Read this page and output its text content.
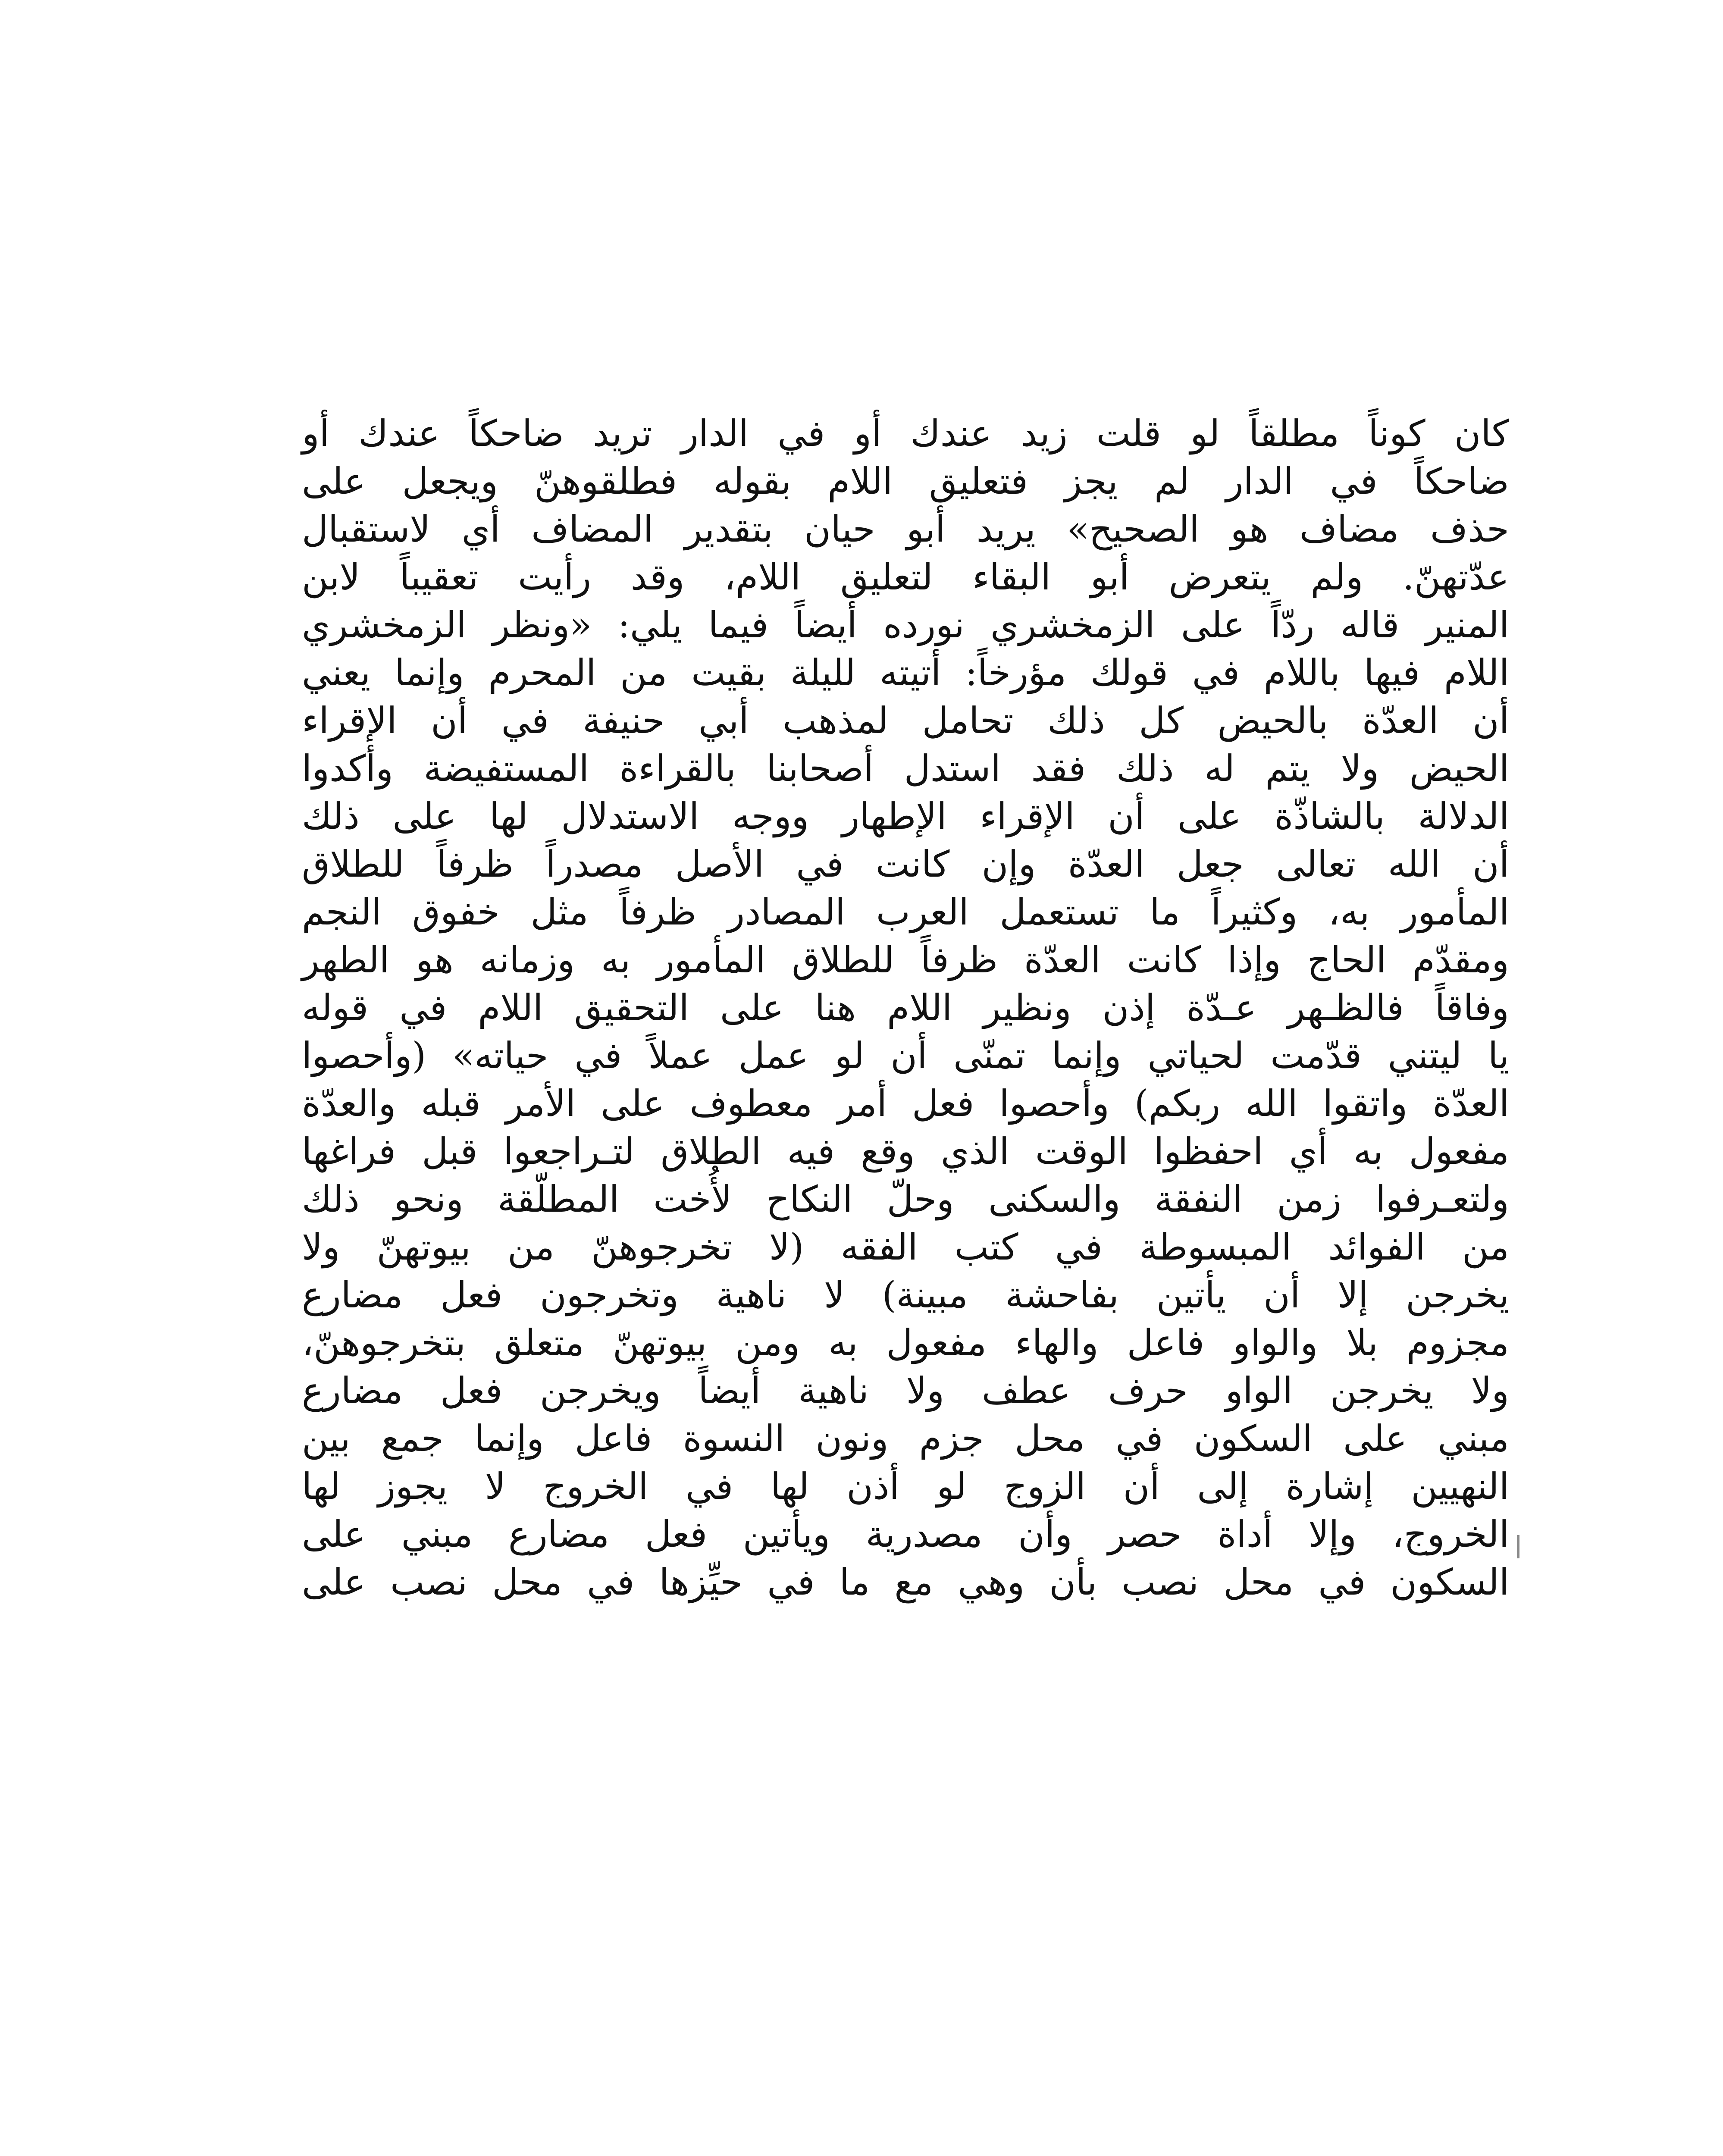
كان كوناً مطلقاً لو قلت زيد عندك أو في الدار تريد ضاحكاً عندك أو
ضاحكاً في الدار لم يجز فتعليق اللام بقوله فطلقوهنّ ويجعل على
حذف مضاف هو الصحيح» يريد أبو حيان بتقدير المضاف أي لاستقبال
عدّتهنّ. ولم يتعرض أبو البقاء لتعليق اللام، وقد رأيت تعقيباً لابن
المنير قاله ردّاً على الزمخشري نورده أيضاً فيما يلي: «ونظر الزمخشري
اللام فيها باللام في قولك مؤرخاً: أتيته لليلة بقيت من المحرم وإنما يعني
أن العدّة بالحيض كل ذلك تحامل لمذهب أبي حنيفة في أن الإقراء
الحيض ولا يتم له ذلك فقد استدل أصحابنا بالقراءة المستفيضة وأكدوا
الدلالة بالشاذّة على أن الإقراء الإطهار ووجه الاستدلال لها على ذلك
أن الله تعالى جعل العدّة وإن كانت في الأصل مصدراً ظرفاً للطلاق
المأمور به، وكثيراً ما تستعمل العرب المصادر ظرفاً مثل خفوق النجم
ومقدّم الحاج وإذا كانت العدّة ظرفاً للطلاق المأمور به وزمانه هو الطهر
وفاقاً فالظـهر عـدّة إذن ونظير اللام هنا على التحقيق اللام في قوله
يا ليتني قدّمت لحياتي وإنما تمنّى أن لو عمل عملاً في حياته» (وأحصوا
العدّة واتقوا الله ربكم) وأحصوا فعل أمر معطوف على الأمر قبله والعدّة
مفعول به أي احفظوا الوقت الذي وقع فيه الطلاق لتـراجعوا قبل فراغها
ولتعـرفوا زمن النفقة والسكنى وحلّ النكاح لأُخت المطلّقة ونحو ذلك
من الفوائد المبسوطة في كتب الفقه (لا تخرجوهنّ من بيوتهنّ ولا
يخرجن إلا أن يأتين بفاحشة مبينة) لا ناهية وتخرجون فعل مضارع
مجزوم بلا والواو فاعل والهاء مفعول به ومن بيوتهنّ متعلق بتخرجوهنّ،
ولا يخرجن الواو حرف عطف ولا ناهية أيضاً ويخرجن فعل مضارع
مبني على السكون في محل جزم ونون النسوة فاعل وإنما جمع بين
النهيين إشارة إلى أن الزوج لو أذن لها في الخروج لا يجوز لها
الخروج، وإلا أداة حصر وأن مصدرية ويأتين فعل مضارع مبني على
السكون في محل نصب بأن وهي مع ما في حيِّزها في محل نصب على
